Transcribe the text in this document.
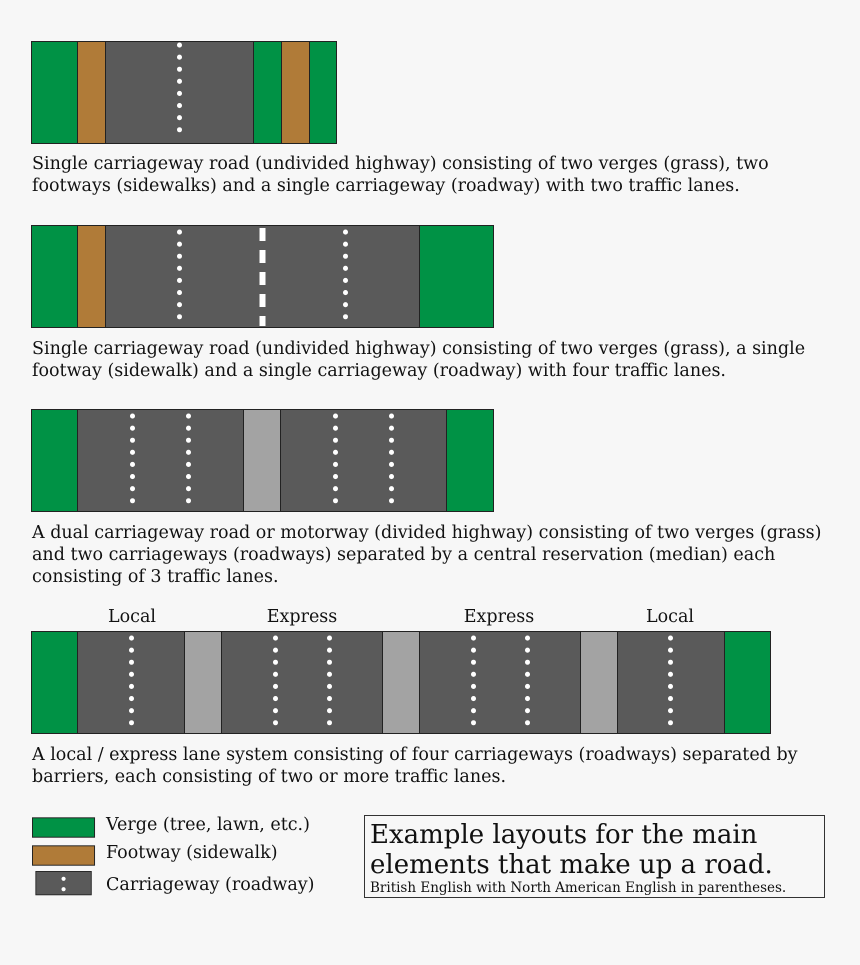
Single carriageway road (undivided highway) consisting of two verges (grass), two footways (sidewalks) and a single carriageway (roadway) with two traffic lanes.
Single carriageway road (undivided highway) consisting of two verges (grass), a single footway (sidewalk) and a single carriageway (roadway) with four traffic lanes.
A dual carriageway road or motorway (divided highway) consisting of two verges (grass) and two carriageways (roadways) separated by a central reservation (median) each consisting of 3 traffic lanes.
Local	Express	Express	Local
A local / express lane system consisting of four carriageways (roadways) separated by barriers, each consisting of two or more traffic lanes.
Verge (tree, lawn, etc.)
Footway (sidewalk)
Carriageway (roadway)
Example layouts for the main elements that make up a road.
British English with North American English in parentheses.
